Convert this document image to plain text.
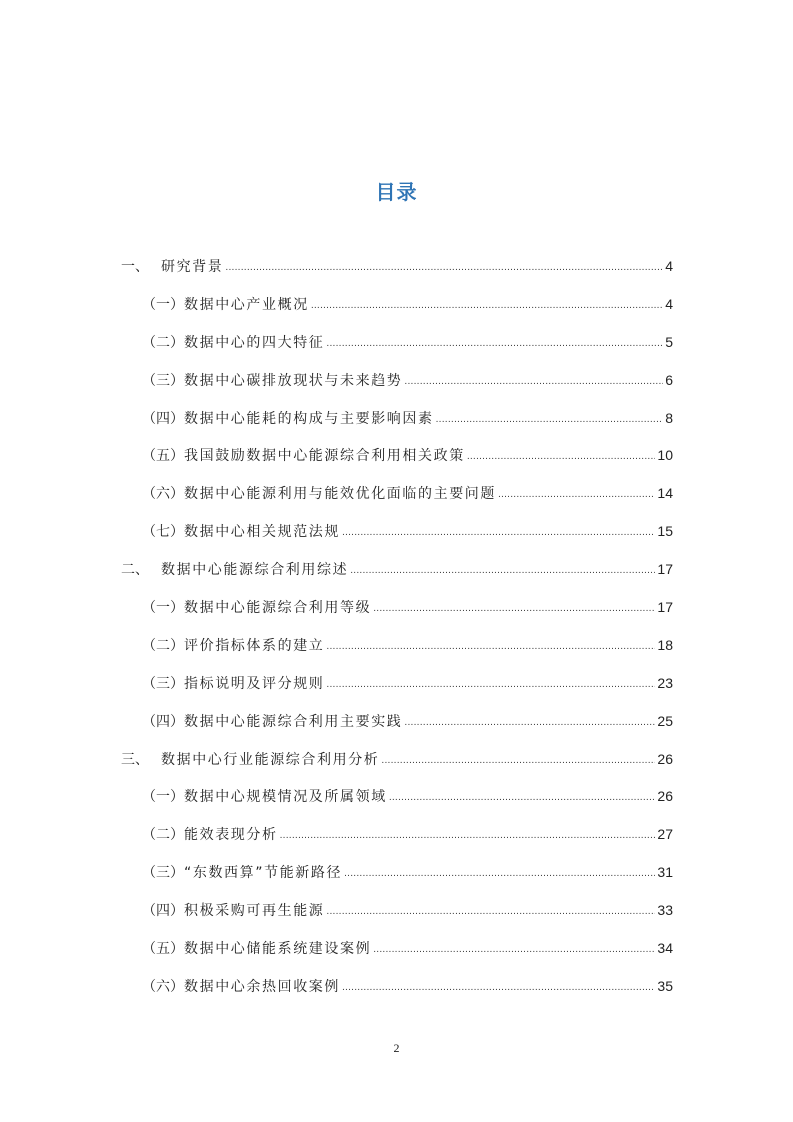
目录
一、 研究背景 .....	4
（一） 数据中心产业概况 .....	4
（二） 数据中心的四大特征 .....	5
（三） 数据中心碳排放现状与未来趋势 .....	6
（四） 数据中心能耗的构成与主要影响因素 .....	8
（五） 我国鼓励数据中心能源综合利用相关政策 .....	10
（六） 数据中心能源利用与能效优化面临的主要问题 .....	14
（七） 数据中心相关规范法规 .....	15
二、 数据中心能源综合利用综述 .....	17
（一） 数据中心能源综合利用等级 .....	17
（二） 评价指标体系的建立 .....	18
（三） 指标说明及评分规则 .....	23
（四） 数据中心能源综合利用主要实践 .....	25
三、 数据中心行业能源综合利用分析 .....	26
（一） 数据中心规模情况及所属领域 .....	26
（二） 能效表现分析 .....	27
（三） “东数西算”节能新路径 .....	31
（四） 积极采购可再生能源 .....	33
（五） 数据中心储能系统建设案例 .....	34
（六） 数据中心余热回收案例 .....	35
2
